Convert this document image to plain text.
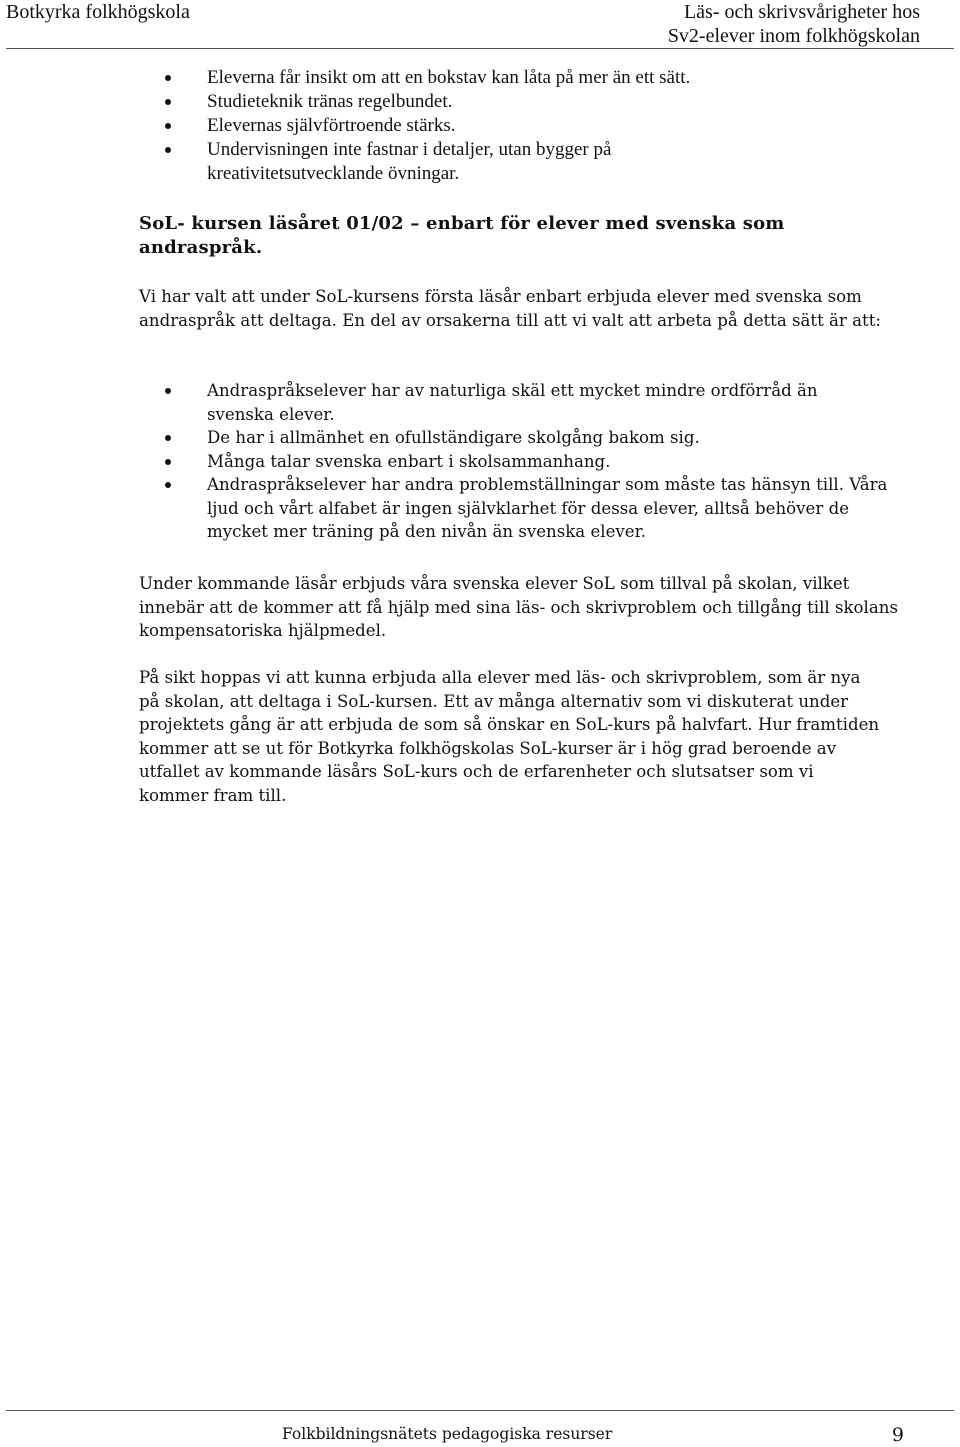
Botkyrka folkhögskola	Läs- och skrivsvårigheter hos
Sv2-elever inom folkhögskolan
Eleverna får insikt om att en bokstav kan låta på mer än ett sätt.
Studieteknik tränas regelbundet.
Elevernas självförtroende stärks.
Undervisningen inte fastnar i detaljer, utan bygger på kreativitetsutvecklande övningar.
SoL- kursen läsåret 01/02 – enbart för elever med svenska som andraspråk.

Vi har valt att under SoL-kursens första läsår enbart erbjuda elever med svenska som andraspråk att deltaga. En del av orsakerna till att vi valt att arbeta på detta sätt är att:

Andraspråkselever har av naturliga skäl ett mycket mindre ordförråd än svenska elever.
De har i allmänhet en ofullständigare skolgång bakom sig.
Många talar svenska enbart i skolsammanhang.
Andraspråkselever har andra problemställningar som måste tas hänsyn till. Våra ljud och vårt alfabet är ingen självklarhet för dessa elever, alltså behöver de mycket mer träning på den nivån än svenska elever.

Under kommande läsår erbjuds våra svenska elever SoL som tillval på skolan, vilket innebär att de kommer att få hjälp med sina läs- och skrivproblem och tillgång till skolans kompensatoriska hjälpmedel.

På sikt hoppas vi att kunna erbjuda alla elever med läs- och skrivproblem, som är nya på skolan, att deltaga i SoL-kursen. Ett av många alternativ som vi diskuterat under projektets gång är att erbjuda de som så önskar en SoL-kurs på halvfart. Hur framtiden kommer att se ut för Botkyrka folkhögskolas SoL-kurser är i hög grad beroende av utfallet av kommande läsårs SoL-kurs och de erfarenheter och slutsatser som vi kommer fram till.

Folkbildningsnätets pedagogiska resurser	9
